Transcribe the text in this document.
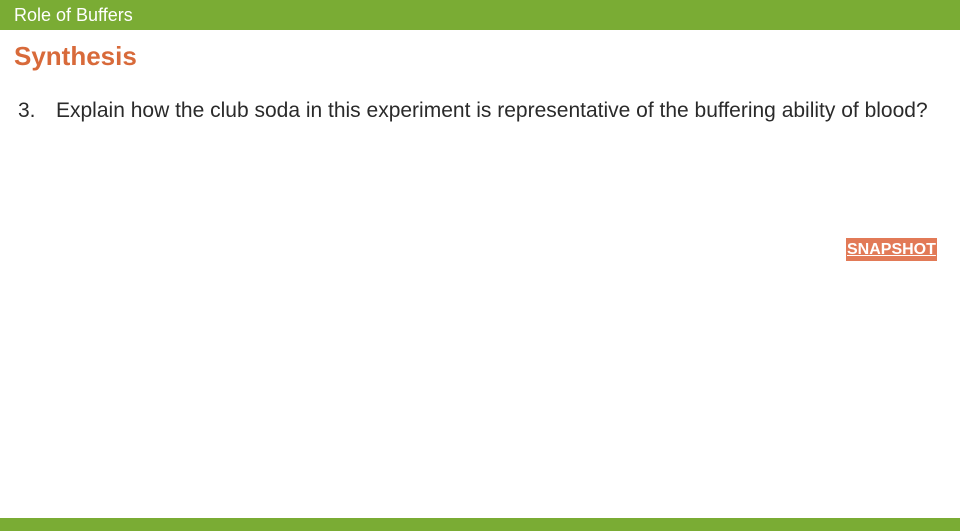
Role of Buffers
Synthesis
3. Explain how the club soda in this experiment is representative of the buffering ability of blood?
SNAPSHOT
